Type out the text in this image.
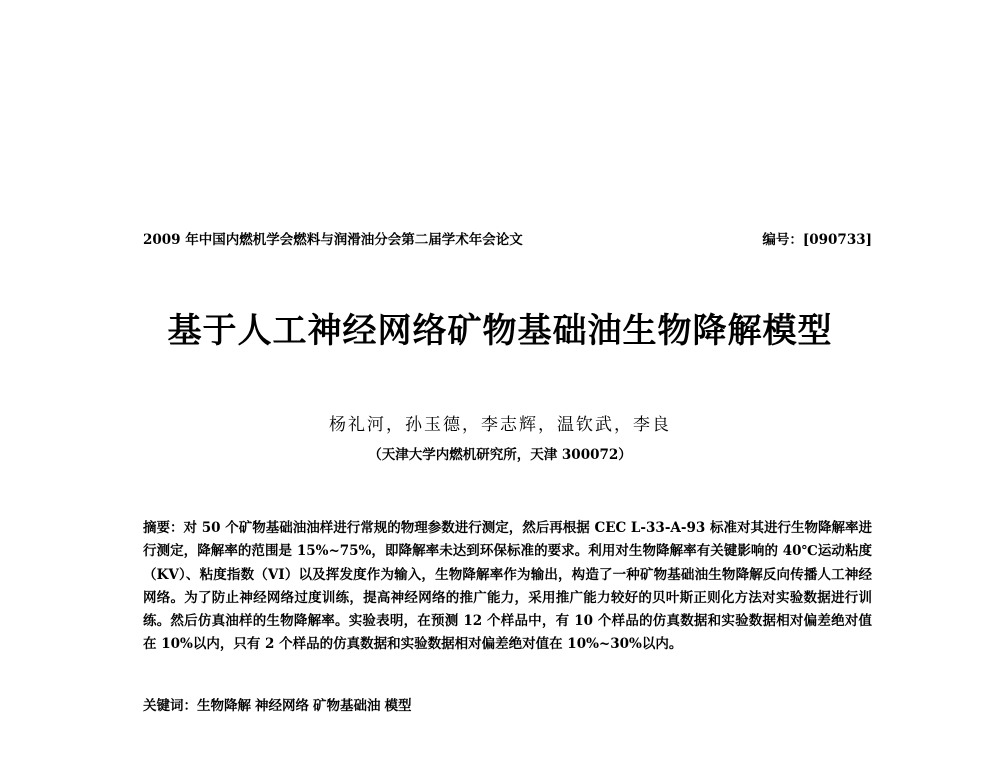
2009 年中国内燃机学会燃料与润滑油分会第二届学术年会论文	编号：[090733]
基于人工神经网络矿物基础油生物降解模型
杨礼河，孙玉德，李志辉，温钦武，李良
（天津大学内燃机研究所，天津 300072）
摘要：对 50 个矿物基础油油样进行常规的物理参数进行测定，然后再根据 CEC L-33-A-93 标准对其进行生物降解率进行测定，降解率的范围是 15%~75%，即降解率未达到环保标准的要求。利用对生物降解率有关键影响的 40℃运动粘度（KV）、粘度指数（VI）以及挥发度作为输入，生物降解率作为输出，构造了一种矿物基础油生物降解反向传播人工神经网络。为了防止神经网络过度训练，提高神经网络的推广能力，采用推广能力较好的贝叶斯正则化方法对实验数据进行训练。然后仿真油样的生物降解率。实验表明，在预测 12 个样品中，有 10 个样品的仿真数据和实验数据相对偏差绝对值在 10%以内，只有 2 个样品的仿真数据和实验数据相对偏差绝对值在 10%~30%以内。
关键词：生物降解 神经网络 矿物基础油 模型
